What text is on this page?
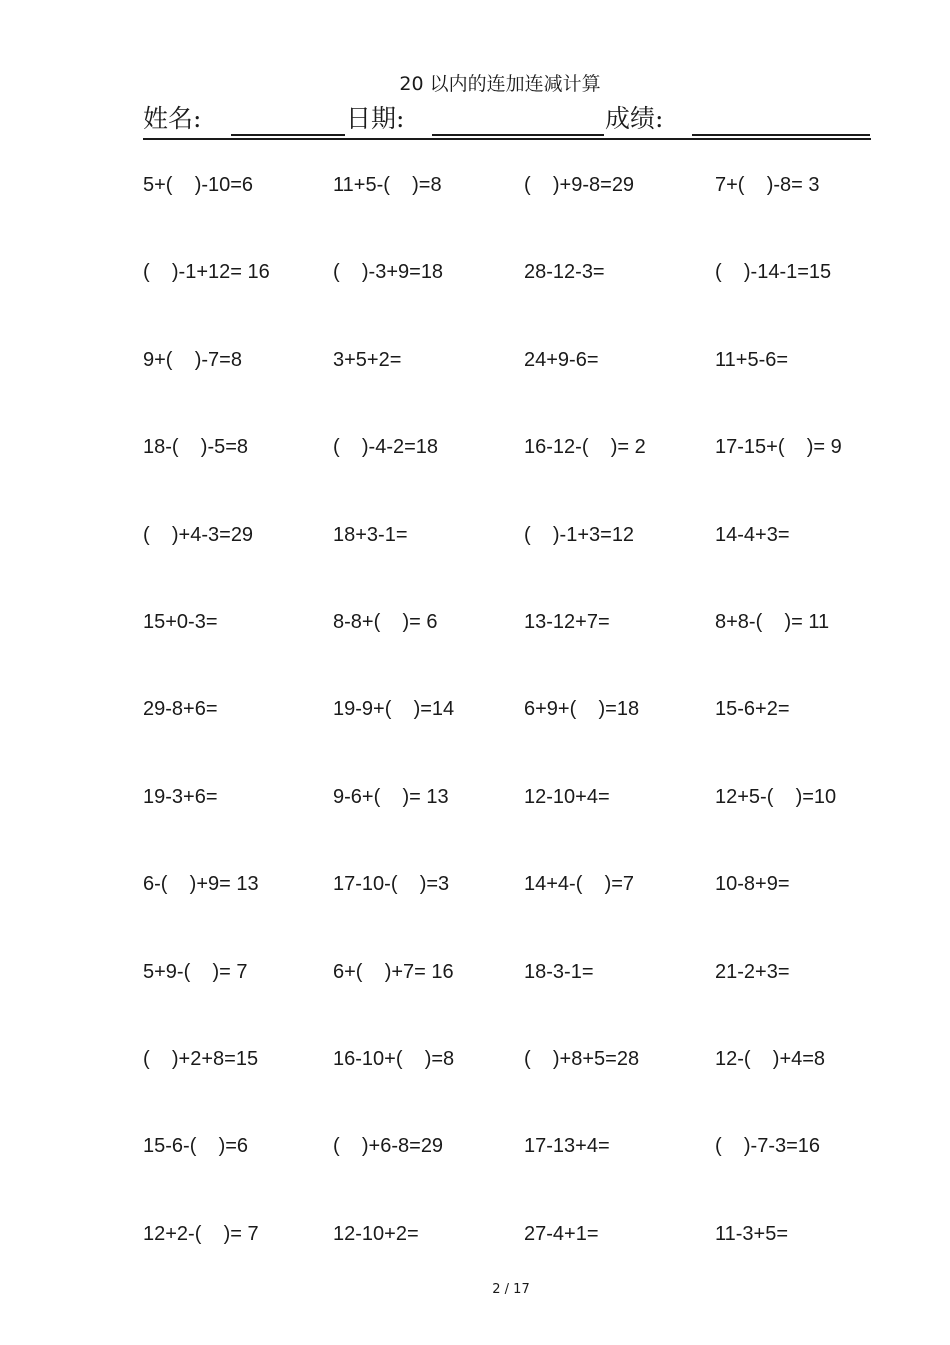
20 以内的连加连减计算
姓名:	日期:	成绩:
5+(    )-10=6	11+5-(    )=8	(    )+9-8=29	7+(    )-8= 3
(    )-1+12= 16	(    )-3+9=18	28-12-3=	(    )-14-1=15
9+(    )-7=8	3+5+2=	24+9-6=	11+5-6=
18-(    )-5=8	(    )-4-2=18	16-12-(    )= 2	17-15+(    )= 9
(    )+4-3=29	18+3-1=	(    )-1+3=12	14-4+3=
15+0-3=	8-8+(    )= 6	13-12+7=	8+8-(    )= 11
29-8+6=	19-9+(    )=14	6+9+(    )=18	15-6+2=
19-3+6=	9-6+(    )= 13	12-10+4=	12+5-(    )=10
6-(    )+9= 13	17-10-(    )=3	14+4-(    )=7	10-8+9=
5+9-(    )= 7	6+(    )+7= 16	18-3-1=	21-2+3=
(    )+2+8=15	16-10+(    )=8	(    )+8+5=28	12-(    )+4=8
15-6-(    )=6	(    )+6-8=29	17-13+4=	(    )-7-3=16
12+2-(    )= 7	12-10+2=	27-4+1=	11-3+5=
2 / 17
